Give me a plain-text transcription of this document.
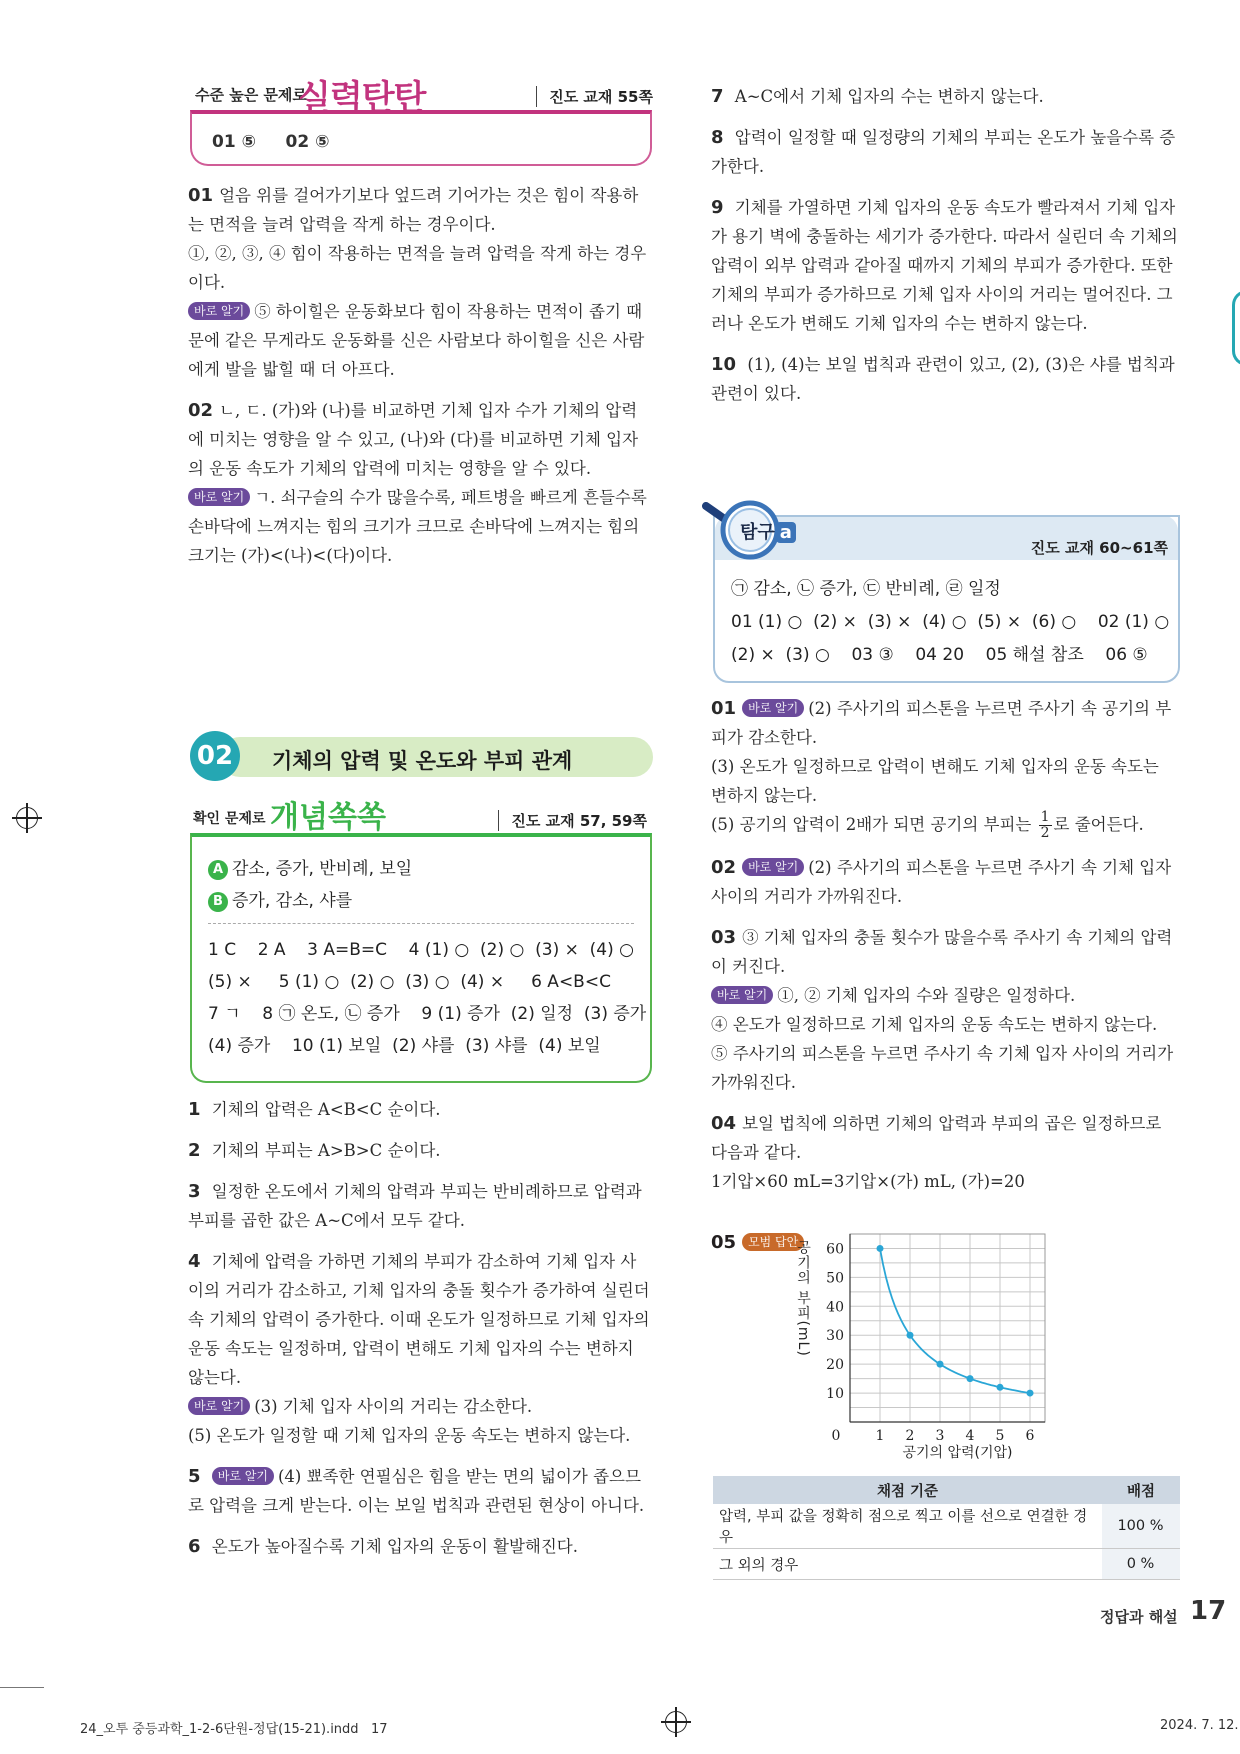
수준 높은 문제로
실력탄탄	진도 교재 55쪽
01 ⑤     02 ⑤

01 얼음 위를 걸어가기보다 엎드려 기어가는 것은 힘이 작용하는 면적을 늘려 압력을 작게 하는 경우이다.
①, ②, ③, ④ 힘이 작용하는 면적을 늘려 압력을 작게 하는 경우이다.
바로 알기 ⑤ 하이힐은 운동화보다 힘이 작용하는 면적이 좁기 때문에 같은 무게라도 운동화를 신은 사람보다 하이힐을 신은 사람에게 발을 밟힐 때 더 아프다.

02 ㄴ, ㄷ. (가)와 (나)를 비교하면 기체 입자 수가 기체의 압력에 미치는 영향을 알 수 있고, (나)와 (다)를 비교하면 기체 입자의 운동 속도가 기체의 압력에 미치는 영향을 알 수 있다.
바로 알기 ㄱ. 쇠구슬의 수가 많을수록, 페트병을 빠르게 흔들수록 손바닥에 느껴지는 힘의 크기가 크므로 손바닥에 느껴지는 힘의 크기는 (가)<(나)<(다)이다.

02	기체의 압력 및 온도와 부피 관계
확인 문제로 개념쏙쏙	진도 교재 57, 59쪽
A 감소, 증가, 반비례, 보일
B 증가, 감소, 샤를
1 C    2 A    3 A=B=C    4 (1) ○  (2) ○  (3) ×  (4) ○
(5) ×     5 (1) ○  (2) ○  (3) ○  (4) ×     6 A<B<C
7 ㄱ    8 ㉠ 온도, ㉡ 증가    9 (1) 증가  (2) 일정  (3) 증가
(4) 증가    10 (1) 보일  (2) 샤를  (3) 샤를  (4) 보일

1 기체의 압력은 A<B<C 순이다.

2 기체의 부피는 A>B>C 순이다.

3 일정한 온도에서 기체의 압력과 부피는 반비례하므로 압력과 부피를 곱한 값은 A~C에서 모두 같다.

4 기체에 압력을 가하면 기체의 부피가 감소하여 기체 입자 사이의 거리가 감소하고, 기체 입자의 충돌 횟수가 증가하여 실린더 속 기체의 압력이 증가한다. 이때 온도가 일정하므로 기체 입자의 운동 속도는 일정하며, 압력이 변해도 기체 입자의 수는 변하지 않는다.
바로 알기 (3) 기체 입자 사이의 거리는 감소한다.
(5) 온도가 일정할 때 기체 입자의 운동 속도는 변하지 않는다.

5 바로 알기 (4) 뾰족한 연필심은 힘을 받는 면의 넓이가 좁으므로 압력을 크게 받는다. 이는 보일 법칙과 관련된 현상이 아니다.

6 온도가 높아질수록 기체 입자의 운동이 활발해진다.

7 A~C에서 기체 입자의 수는 변하지 않는다.

8 압력이 일정할 때 일정량의 기체의 부피는 온도가 높을수록 증가한다.

9 기체를 가열하면 기체 입자의 운동 속도가 빨라져서 기체 입자가 용기 벽에 충돌하는 세기가 증가한다. 따라서 실린더 속 기체의 압력이 외부 압력과 같아질 때까지 기체의 부피가 증가한다. 또한 기체의 부피가 증가하므로 기체 입자 사이의 거리는 멀어진다. 그러나 온도가 변해도 기체 입자의 수는 변하지 않는다.

10 (1), (4)는 보일 법칙과 관련이 있고, (2), (3)은 샤를 법칙과 관련이 있다.

진도 교재 60~61쪽
㉠ 감소, ㉡ 증가, ㉢ 반비례, ㉣ 일정
01 (1) ○  (2) ×  (3) ×  (4) ○  (5) ×  (6) ○    02 (1) ○
(2) ×  (3) ○    03 ③    04 20    05 해설 참조    06 ⑤
탐구 a

01 바로 알기 (2) 주사기의 피스톤을 누르면 주사기 속 공기의 부피가 감소한다.
(3) 온도가 일정하므로 압력이 변해도 기체 입자의 운동 속도는 변하지 않는다.
(5) 공기의 압력이 2배가 되면 공기의 부피는 $\frac{1}{2}$ 로 줄어든다.

02 바로 알기 (2) 주사기의 피스톤을 누르면 주사기 속 기체 입자 사이의 거리가 가까워진다.

03 ③ 기체 입자의 충돌 횟수가 많을수록 주사기 속 기체의 압력이 커진다.
바로 알기 ①, ② 기체 입자의 수와 질량은 일정하다.
④ 온도가 일정하므로 기체 입자의 운동 속도는 변하지 않는다.
⑤ 주사기의 피스톤을 누르면 주사기 속 기체 입자 사이의 거리가 가까워진다.

04 보일 법칙에 의하면 기체의 압력과 부피의 곱은 일정하므로 다음과 같다.
1기압×60 mL=3기압×(가) mL, (가)=20

05 모범 답안
0	1 2 3 4 5 6
10
20
30
40
50
60
공기의 압력(기압)
공기의 부피(mL)
채점 기준	배점
압력, 부피 값을 정확히 점으로 찍고 이를 선으로 연결한 경우	100 %
그 외의 경우	0 %
정답과 해설 17
24_오투 중등과학_1-2-6단원-정답(15-21).indd   17	2024. 7. 12.
